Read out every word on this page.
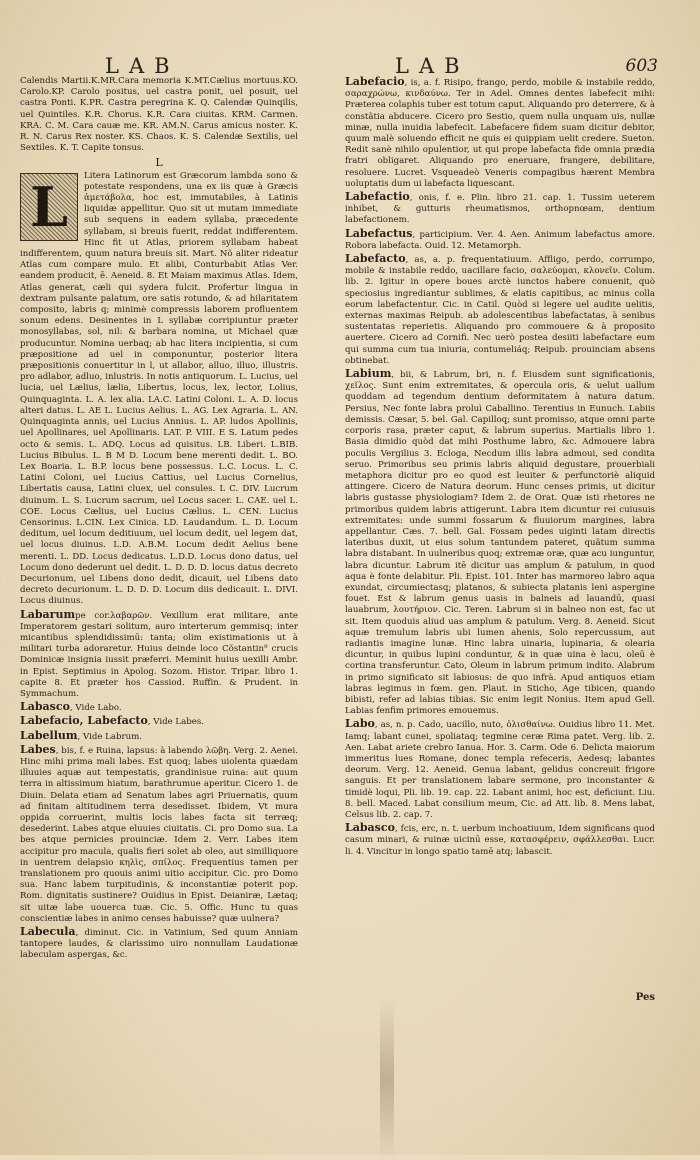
LAB	LAB	603

Calendis Martii.K.MR.Cara memoria K.MT.Cælius mortuus.KO. Carolo.KP. Carolo positus, uel castra ponit, uel posuit, uel castra Ponti. K.PR. Castra peregrina K. Q. Calendæ Quinqilis, uel Quintiles. K.R. Chorus. K.R. Cara ciuitas. KRM. Carmen. KRA. C. M. Cara cauæ me. KR. AM.N. Carus amicus noster. K. R. N. Carus Rex noster. KS. Chaos. K. S. Calendæ Sextilis, uel Sextiles. K. T. Capite tonsus.

L
L	Litera Latinorum est Græcorum lambda sono & potestate respondens, una ex iis quæ à Græcis ἀμετάβολα, hoc est, immutabiles, à Latinis liquidæ appellitur. Quo sit ut mutam immediate sub sequens in eadem syllaba, præcedente syllabam, si breuis fuerit, reddat indifferentem. Hinc fit ut Atlas, priorem syllabam habeat indifferentem, quum natura breuis sit. Mart. Nõ aliter rideatur Atlas cum compare mulo. Et alibi, Conturbabit Atlas Ver. eandem producit, ē. Aeneid. 8. Et Maiam maximus Atlas. Idem, Atlas generat, cæli qui sydera fulcit. Profertur lingua in dextram pulsante palatum, ore satis rotundo, & ad hilaritatem composito, labris q; minimè compressis laborem profluentem sonum edens. Desinentes in L syllabæ corripiuntur præter monosyllabas, sol, nil: & barbara nomina, ut Michael quæ producuntur. Nomina uerbaq; ab hac litera incipientia, si cum præpositione ad uel in componuntur, posterior litera præpositionis conuertitur in l, ut allabor, alluo, illuo, illustris. pro adlabor, adluo, inlustris. In notis antiquorum. L. Lucius, uel lucia, uel Lælius, lælia, Libertus, locus, lex, lector, Lolius, Quinquaginta. L. A. lex alia. LA.C. Latini Coloni. L. A. D. locus alteri datus. L. AE L. Lucius Aelius. L. AG. Lex Agraria. L. AN. Quinquaginta annis, uel Lucius Annius. L. AP. ludos Apollinis, uel Apollinares, uel Apollinaris. LAT. P. VIII. E S. Latum pedes octo & semis. L. ADQ. Locus ad quisitus. LB. Liberi. L.BIB. Lucius Bibulus. L. B M D. Locum bene merenti dedit. L. BO. Lex Boaria. L. B.P. locus bene possessus. L.C. Locus. L. C. Latini Coloni, uel Lucius Cattius, uel Lucius Cornelius, Libertatis causa, Latini cluex, uel consules. L C. DIV. Lucrum diuinum. L. S. Lucrum sacrum, uel Locus sacer. L. CAE. uel L. COE. Locus Cælius, uel Lucius Cælius. L. CEN. Lucius Censorinus. L.CIN. Lex Cinica. LD. Laudandum. L. D. Locum deditum, uel locum deditiuum, uel locum dedit, uel legem dat, uel locus diuinus. L.D. A.B.M. Locum dedit Aelius bene merenti. L. DD. Locus dedicatus. L.D.D. Locus dono datus, uel Locum dono dederunt uel dedit. L. D. D. D. locus datus decreto Decurionum, uel Libens dono dedit, dicauit, uel Libens dato decreto decurionum. L. D. D. D. Locum diis dedicauit. L. DIVI. Locus diuinus.

Labarumpe cor.λαβαρῶν. Vexillum erat militare, ante Imperatorem gestari solitum, auro interterum gemmisq; inter micantibus splendidissimū: tanta; olim existimationis ut à militari turba adoraretur. Huius deinde loco Cõstantin⁹ crucis Dominicæ insignia iussit præferri. Meminit huius uexilli Ambr. in Epist. Septimius in Apolog. Sozom. Histor. Tripar. libro 1. capite 8. Et præter hos Cassiod. Ruffin. & Prudent. in Symmachum.

Labasco, Vide Labo.

Labefacio, Labefacto, Vide Labes.

Labellum, Vide Labrum.

Labes, bis, f. e Ruina, lapsus: à labendo λῶβη. Verg. 2. Aenei. Hinc mihi prima mali labes. Est quoq; labes uiolenta quædam illuuies aquæ aut tempestatis, grandinisue ruina: aut quum terra in altissimum hiatum, barathrumue aperitur. Cicero 1. de Diuin. Delata etiam ad Senatum labes agri Priuernatis, quum ad finitam altitudinem terra desedisset. Ibidem, Vt mura oppida corruerint, multis locis labes facta sit terræq; desederint. Labes atque eluuies ciuitatis. Ci. pro Domo sua. La bes atque pernicies prouinciæ. Idem 2. Verr. Labes item accipitur pro macula, qualis fieri solet ab oleo, aut similliquore in uentrem delapsio κηλὶς, σπίλος. Frequentius tamen per translationem pro quouis animi uitio accipitur. Cic. pro Domo sua. Hanc labem turpitudinis, & inconstantiæ poterit pop. Rom. dignitatis sustinere? Ouidius in Epist. Deianiræ, Lætaq; sit uitæ labe uouerca tuæ. Cic. 5. Offic. Hunc tu quas conscientiæ labes in animo censes habuisse? quæ uulnera?

Labecula, diminut. Cic. in Vatinium, Sed quum Anniam tantopere laudes, & clarissimo uiro nonnullam Laudationæ labeculam aspergas, &c.

Labefacio, is, a. f. Risipo, frango, perdo, mobile & instabile reddo, σαραχρώνω, κινδαύνω. Ter in Adel. Omnes dentes labefecit mihi: Præterea colaphis tuber est totum caput. Aliquando pro deterrere, & à constãtia abducere. Cicero pro Sestio, quem nulla unquam uis, nullæ minæ, nulla inuidia labefecit. Labefacere fidem suam dicitur debitor, quum malè soluendo efficit ne quis ei quippiam uelit credere. Sueton. Redit sanè nihilo opulentior, ut qui prope labefacta fide omnia prædia fratri obligaret. Aliquando pro eneruare, frangere, debilitare, resoluere. Lucret. Vsqueadeò Veneris compagibus hærent Membra uoluptatis dum ui labefacta liquescant.

Labefactio, onis, f. e. Plin. libro 21. cap. 1. Tussim ueterem inhibet, & gutturis rheumatismos, orthopnœam, dentium labefactionem.

Labefactus, participium. Ver. 4. Aen. Animum labefactus amore. Robora labefacta. Ouid. 12. Metamorph.

Labefacto, as, a. p. frequentatiuum. Affligo, perdo, corrumpo, mobile & instabile reddo, uacillare facio, σαλεύομαι, κλονεῖν. Colum. lib. 2. Igitur in opere boues arctè iunctos habere conuenit, quò speciosius ingrediantur sublimes, & elatis capitibus, ac minus colla eorum labefactentur. Cic. in Catil. Quòd si legere uel audite uelitis, externas maximas Reipub. ab adolescentibus labefactatas, à senibus sustentatas reperietis. Aliquando pro commouere & à proposito auertere. Cicero ad Cornifi. Nec uerò postea desiiti labefactare eum qui summa cum tua iniuria, contumeliáq; Reipub. prouinciam absens obtinebat.

Labium, bii, & Labrum, bri, n. f. Eiusdem sunt significationis, χεῖλος. Sunt enim extremitates, & opercula oris, & uelut uallum quoddam ad tegendum dentium deformitatem à natura datum. Persius, Nec fonte labra proluì Caballino. Terentius in Eunuch. Labiis demissis. Cæsar, 5. bel. Gal. Capilloq; sunt promisso, atque omni parte corporis rasa, præter caput, & labrum superius. Martialis libro 1. Basia dimidio quòd dat mihi Posthume labro, &c. Admouere labra poculis Vergilius 3. Ecloga, Necdum illis labra admoui, sed condita seruo. Primoribus seu primis labris aliquid degustare, prouerbiali metaphora dicitur pro eo quod est leuiter & perfunctoriè aliquid attingere. Cicero de Natura deorum. Hunc censes primis, ut dicitur labris gustasse physiologiam? Idem 2. de Orat. Quæ isti rhetores ne primoribus quidem labris attigerunt. Labra item dicuntur rei cuiusuis extremitates: unde summi fossarum & fluuiorum margines, labra appellantur. Cæs. 7. bell. Gal. Fossam pedes uiginti latam directis lateribus duxit, ut eius solum tantundem pateret, quãtum summa labra distabant. In uulneribus quoq; extremæ oræ, quæ acu iunguntur, labra dicuntur. Labrum itē dicitur uas amplum & patulum, in quod aqua è fonte delabitur. Pli. Epist. 101. Inter has marmoreo labro aqua exundat, circumiectasq; platanos, & subiecta platanis leni aspergine fouet. Est & labrum genus uasis in balneis ad lauandū, quasi lauabrum, λουτήριον. Cic. Teren. Labrum si in balneo non est, fac ut sit. Item quoduis aliud uas amplum & patulum. Verg. 8. Aeneid. Sicut aquæ tremulum labris ubi lumen ahenis, Solo repercussum, aut radiantis imagine lunæ. Hinc labra uinaria, lupinaria, & olearia dicuntur, in quibus lupini conduntur, & in quæ uina è lacu, oleū è cortina transferuntur. Cato, Oleum in labrum primum indito. Alabrum in primo significato sit labiosus: de quo infrà. Apud antiquos etiam labras legimus in fœm. gen. Plaut. in Sticho, Age tibicen, quando bibisti, refer ad labias tibias. Sic enim legit Nonius. Item apud Gell. Labias fenfim primores emouemus.

Labo, as, n. p. Cado, uacillo, nuto, ὀλισθαίνω. Ouidius libro 11. Met. Iamq; labant cunei, spoliataq; tegmine ceræ Rima patet. Verg. lib. 2. Aen. Labat ariete crebro Ianua. Hor. 3. Carm. Ode 6. Delicta maiorum immeritus lues Romane, donec templa refeceris, Aedesq; labantes deorum. Verg. 12. Aeneid. Genua labant, gelidus concreuit frigore sanguis. Et per translationem labare sermone, pro inconstanter & timidè loqui, Pli. lib. 19. cap. 22. Labant animi, hoc est, deficiunt. Liu. 8. bell. Maced. Labat consilium meum, Cic. ad Att. lib. 8. Mens labat, Celsus lib. 2. cap. 7.

Labasco, fcis, erc, n. t. uerbum inchoatiuum, Idem significans quod casum minari, & ruinæ uicinū esse, κατασφέρειν, σφάλλεσθαι. Lucr. li. 4. Vincitur in longo spatio tamē atq; labascit.

Pes
